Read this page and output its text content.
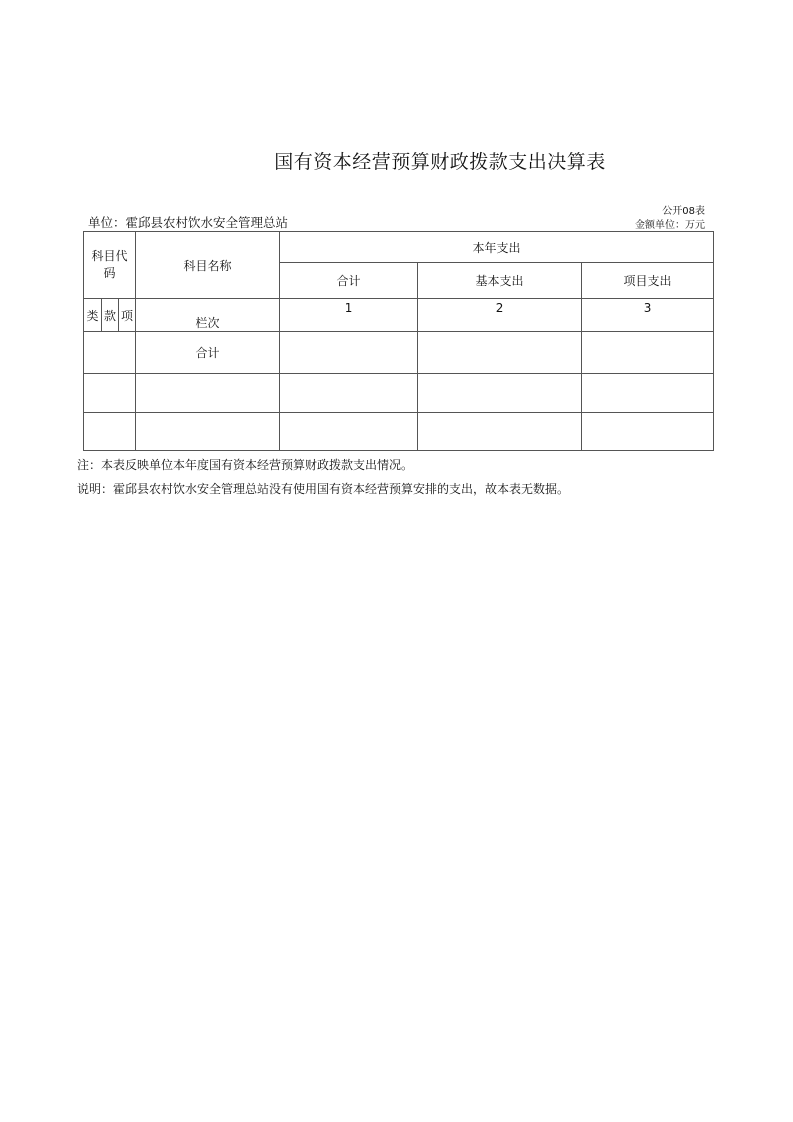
国有资本经营预算财政拨款支出决算表
公开08表
单位：霍邱县农村饮水安全管理总站	金额单位：万元
科目代码			科目名称	本年支出		
				合计	基本支出	项目支出
类	款	项	栏次	1	2	3
			合计			

注：本表反映单位本年度国有资本经营预算财政拨款支出情况。
说明：霍邱县农村饮水安全管理总站没有使用国有资本经营预算安排的支出，故本表无数据。
